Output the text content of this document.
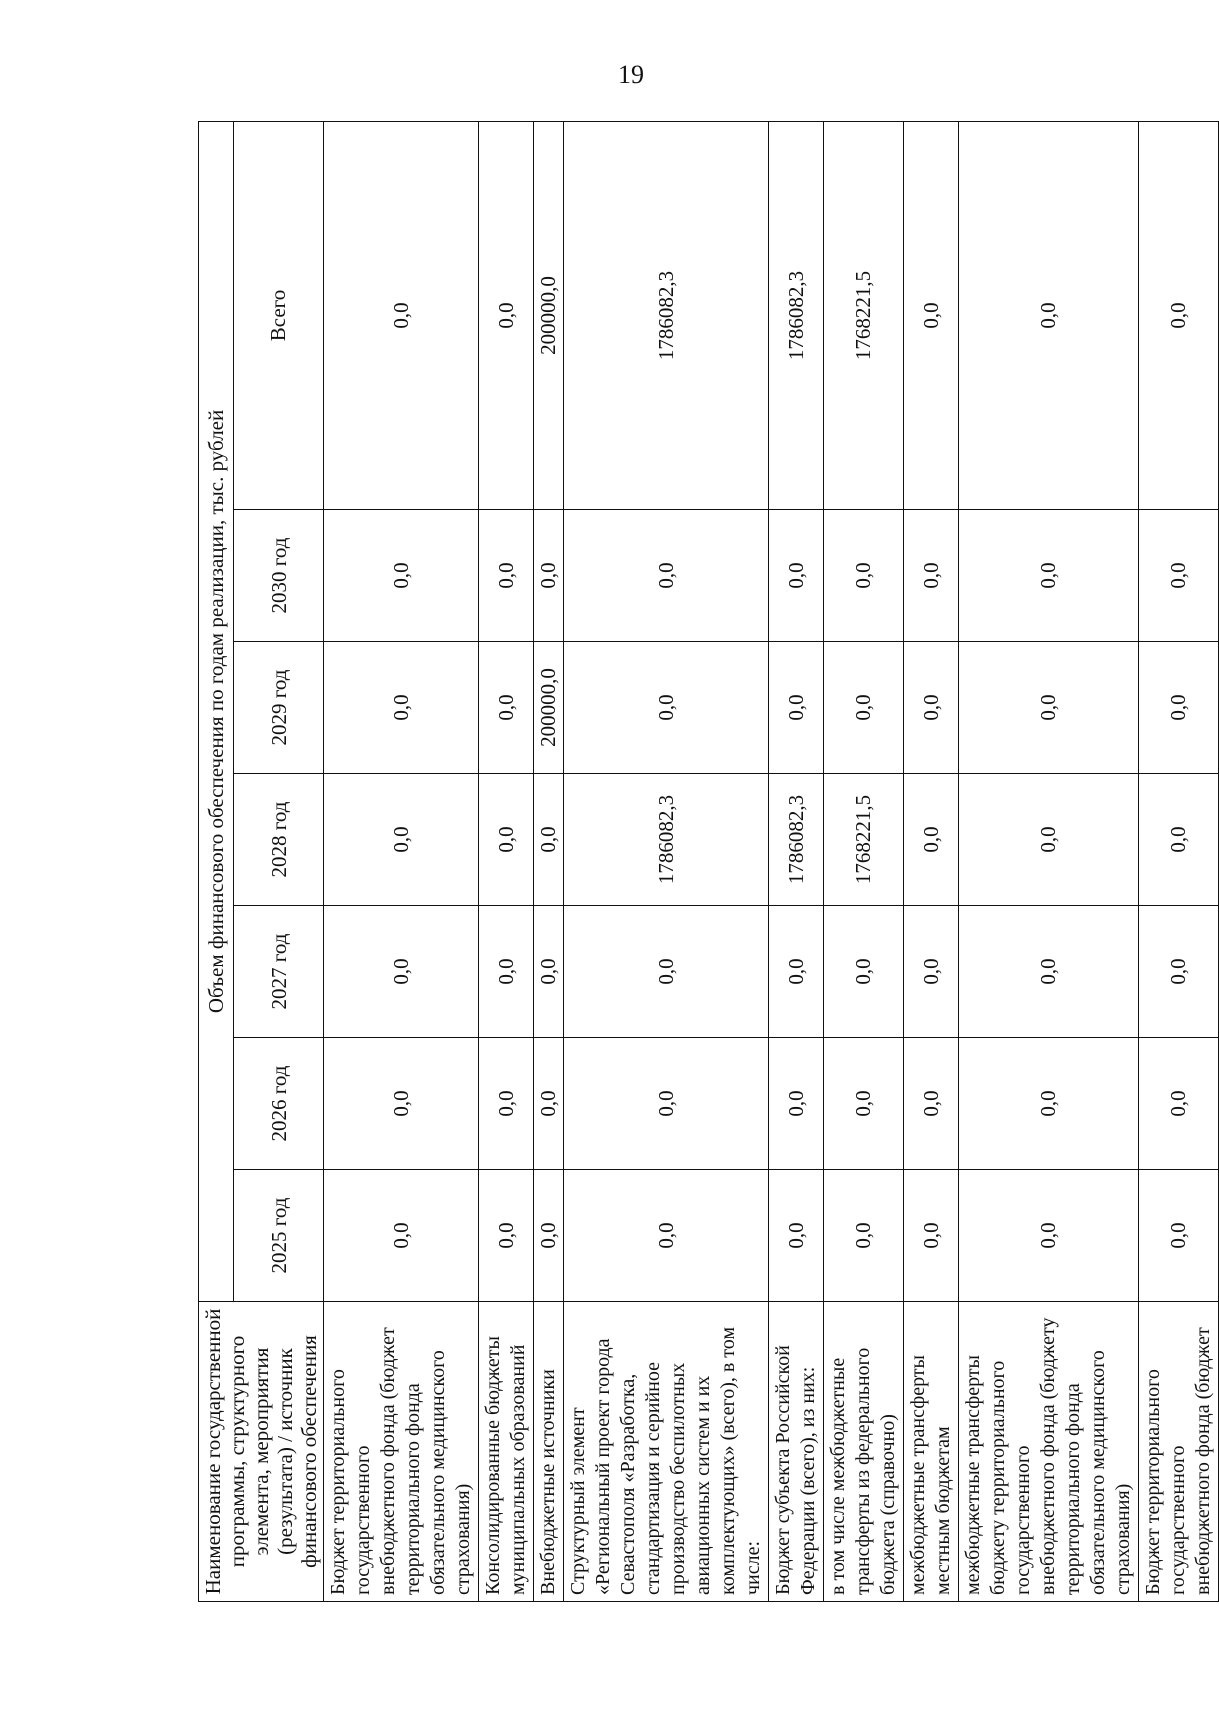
19
Наименование государственной программы, структурного элемента, мероприятия (результата) / источник финансового обеспечения	Объем финансового обеспечения по годам реализации, тыс. рублей						
	2025 год	2026 год	2027 год	2028 год	2029 год	2030 год	Всего
Бюджет территориального государственного внебюджетного фонда (бюджет территориального фонда обязательного медицинского страхования)	0,0	0,0	0,0	0,0	0,0	0,0	0,0
Консолидированные бюджеты муниципальных образований	0,0	0,0	0,0	0,0	0,0	0,0	0,0
Внебюджетные источники	0,0	0,0	0,0	0,0	200000,0	0,0	200000,0
Структурный элемент «Региональный проект города Севастополя «Разработка, стандартизация и серийное производство беспилотных авиационных систем и их комплектующих» (всего), в том числе:	0,0	0,0	0,0	1786082,3	0,0	0,0	1786082,3
Бюджет субъекта Российской Федерации (всего), из них:	0,0	0,0	0,0	1786082,3	0,0	0,0	1786082,3
в том числе межбюджетные трансферты из федерального бюджета (справочно)	0,0	0,0	0,0	1768221,5	0,0	0,0	1768221,5
межбюджетные трансферты местным бюджетам	0,0	0,0	0,0	0,0	0,0	0,0	0,0
межбюджетные трансферты бюджету территориального государственного внебюджетного фонда (бюджету территориального фонда обязательного медицинского страхования)	0,0	0,0	0,0	0,0	0,0	0,0	0,0
Бюджет территориального государственного внебюджетного фонда (бюджет	0,0	0,0	0,0	0,0	0,0	0,0	0,0
